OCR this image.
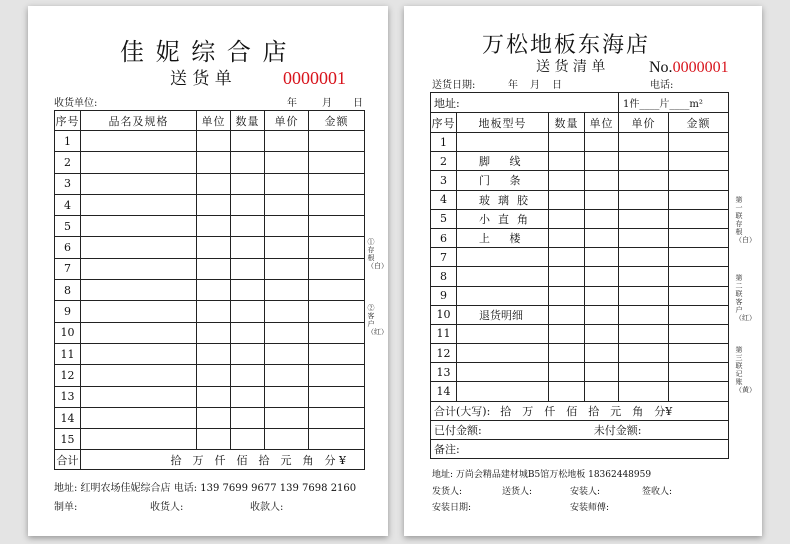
佳 妮 综 合 店
送 货 单	0000001
收货单位:	年	月 日
序号	品名及规格	单位	数量	单价	金额
1					
2					
3					
4					
5					
6					
7					
8					
9					
10					
11					
12					
13					
14					
15					
合计	拾　万　仟　佰　拾　元　角　分 ¥				
①存根（白）
②客户（红）
地址: 红明农场佳妮综合店 电话: 139 7699 9677 139 7698 2160
制单:	收货人:	收款人:
万松地板东海店
送 货 清 单	No.0000001
送货日期:	年 月 日	电话:
地址:				1件____片____m²	
序号	地板型号	数量	单位	单价	金额
1					
2	脚 线				
3	门 条				
4	玻璃胶				
5	小直角				
6	上 楼				
7					
8					
9					
10	退货明细				
11					
12					
13					
14					
合计(大写): 拾　万　仟　佰　拾　元　角　分¥					
已付金额: 未付金额:					
备注:					
第一联存根（白）
第二联客户（红）
第三联记账（黄）
地址: 万尚会精品建材城B5馆万松地板 18362448959
发货人:	送货人:	安装人:	签收人:
安装日期:	安装师傅:
